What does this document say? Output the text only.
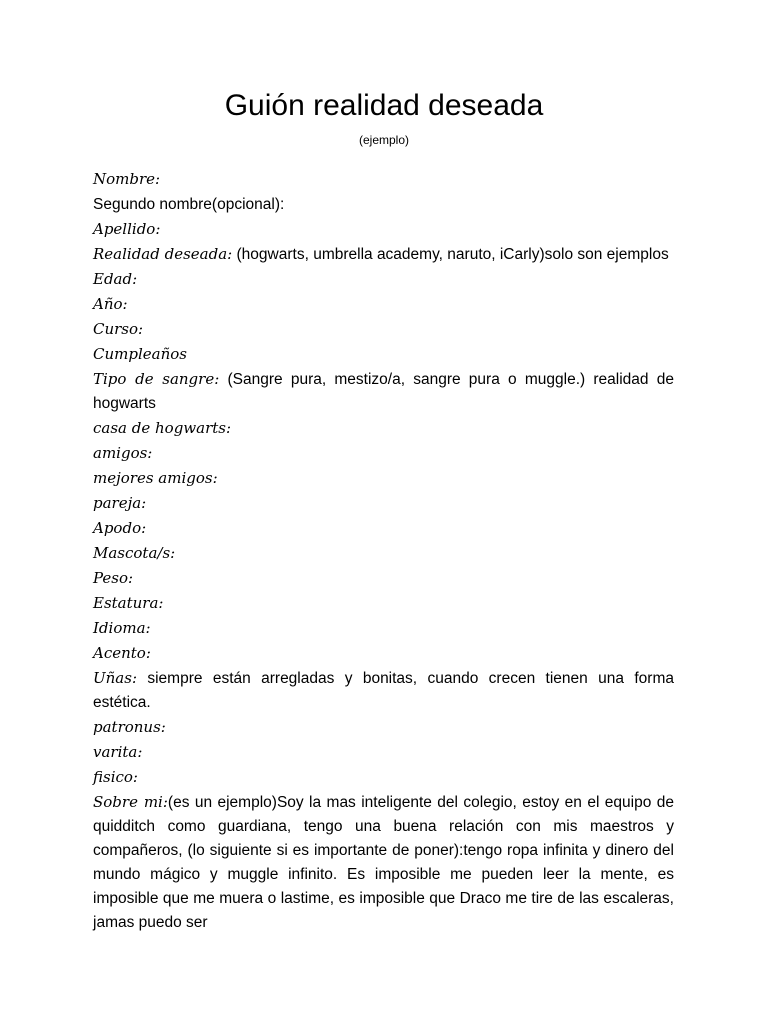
Guión realidad deseada

(ejemplo)

Nombre:

Segundo nombre(opcional):

Apellido:

Realidad deseada: (hogwarts, umbrella academy, naruto, iCarly)solo son ejemplos

Edad:

Año:

Curso:

Cumpleaños

Tipo de sangre: (Sangre pura, mestizo/a, sangre pura o muggle.) realidad de hogwarts

casa de hogwarts:

amigos:

mejores amigos:

pareja:

Apodo:

Mascota/s:

Peso:

Estatura:

Idioma:

Acento:

Uñas: siempre están arregladas y bonitas, cuando crecen tienen una forma estética.

patronus:

varita:

fisico:

Sobre mi:(es un ejemplo)Soy la mas inteligente del colegio, estoy en el equipo de quidditch como guardiana, tengo una buena relación con mis maestros y compañeros, (lo siguiente si es importante de poner):tengo ropa infinita y dinero del mundo mágico y muggle infinito. Es imposible me pueden leer la mente, es imposible que me muera o lastime, es imposible que Draco me tire de las escaleras, jamas puedo ser
